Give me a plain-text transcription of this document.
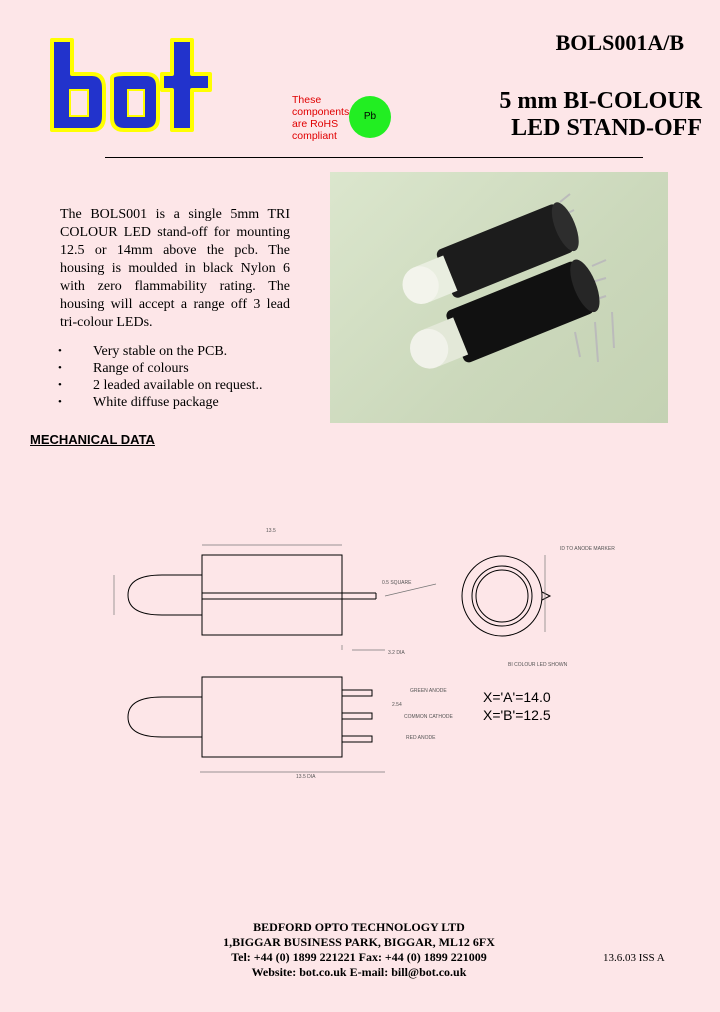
These
components
are RoHS
compliant
Pb
BOLS001A/B
5 mm BI-COLOUR
LED STAND-OFF
The BOLS001 is a single 5mm TRI COLOUR LED stand-off for mounting 12.5 or 14mm above the pcb. The housing is moulded in black Nylon 6 with zero flammability rating. The housing will accept a range off 3 lead tri-colour LEDs.
• Very stable on the PCB.
• Range of colours
• 2 leaded available on request..
• White diffuse package
MECHANICAL DATA
13.5
0.5 SQUARE
ID TO ANODE MARKER
3.2 DIA
BI COLOUR LED SHOWN
GREEN ANODE
COMMON CATHODE
RED ANODE
2.54
13.5 DIA
X='A'=14.0
X='B'=12.5
BEDFORD OPTO TECHNOLOGY LTD
1,BIGGAR BUSINESS PARK, BIGGAR, ML12 6FX
Tel: +44 (0) 1899 221221 Fax: +44 (0) 1899 221009
Website: bot.co.uk E-mail: bill@bot.co.uk
13.6.03 ISS A
